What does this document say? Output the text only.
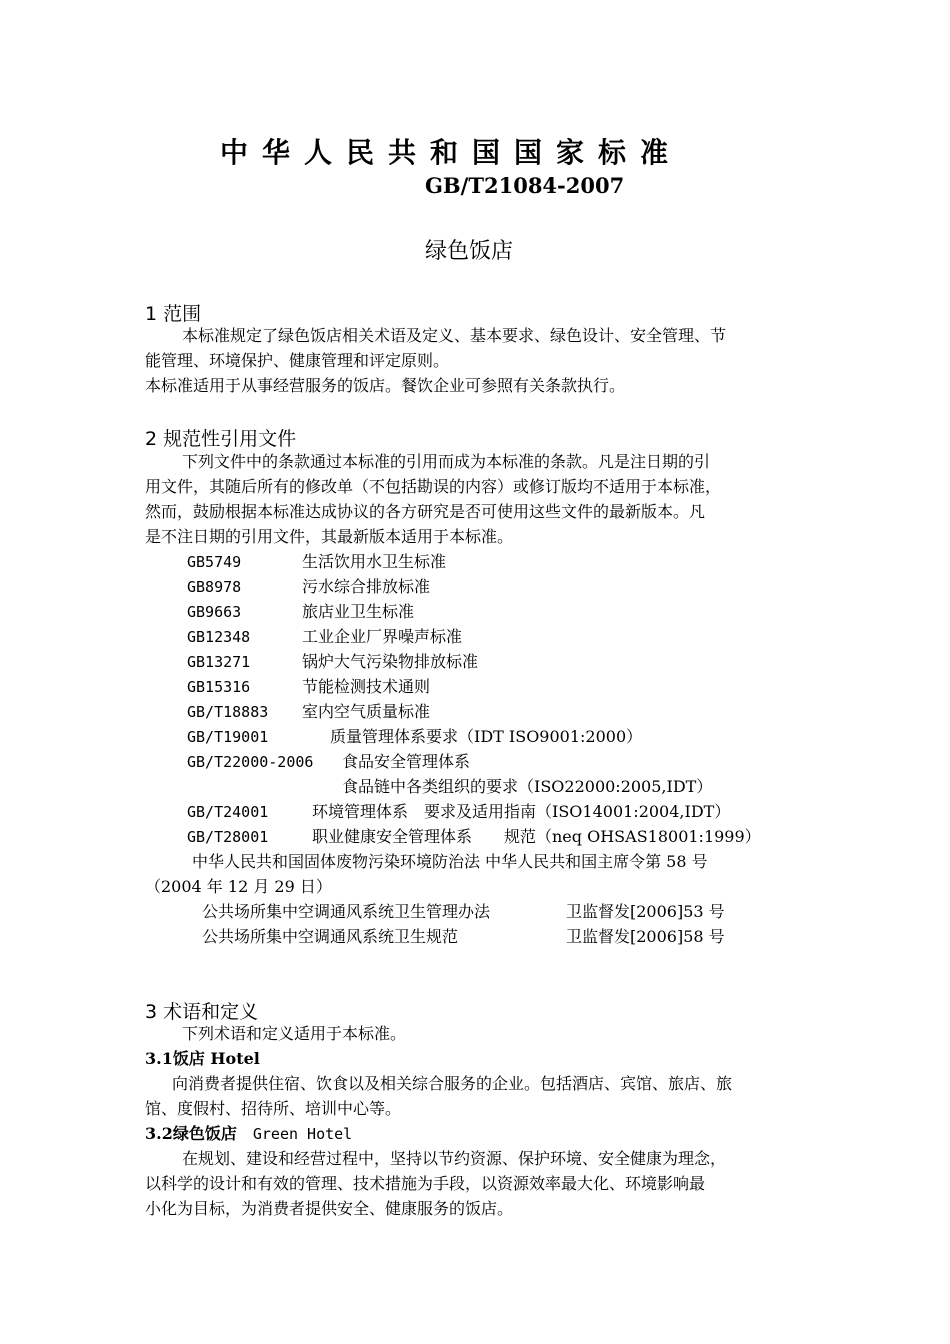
中华人民共和国国家标准
GB/T21084-2007
绿色饭店
1 范围
本标准规定了绿色饭店相关术语及定义、基本要求、绿色设计、安全管理、节
能管理、环境保护、健康管理和评定原则。
本标准适用于从事经营服务的饭店。餐饮企业可参照有关条款执行。
2 规范性引用文件
下列文件中的条款通过本标准的引用而成为本标准的条款。凡是注日期的引
用文件，其随后所有的修改单（不包括勘误的内容）或修订版均不适用于本标准，
然而，鼓励根据本标准达成协议的各方研究是否可使用这些文件的最新版本。凡
是不注日期的引用文件，其最新版本适用于本标准。
GB5749	生活饮用水卫生标准
GB8978	污水综合排放标准
GB9663	旅店业卫生标准
GB12348	工业企业厂界噪声标准
GB13271	锅炉大气污染物排放标准
GB15316	节能检测技术通则
GB/T18883 室内空气质量标准
GB/T19001	质量管理体系要求（IDT ISO9001:2000）
GB/T22000-2006 食品安全管理体系
食品链中各类组织的要求（ISO22000:2005,IDT）
GB/T24001	环境管理体系　要求及适用指南（ISO14001:2004,IDT）
GB/T28001	职业健康安全管理体系　　规范（neq OHSAS18001:1999）
中华人民共和国固体废物污染环境防治法 中华人民共和国主席令第 58 号
（2004 年 12 月 29 日）
公共场所集中空调通风系统卫生管理办法	卫监督发[2006]53 号
公共场所集中空调通风系统卫生规范	卫监督发[2006]58 号
3 术语和定义
下列术语和定义适用于本标准。
3.1饭店 Hotel
向消费者提供住宿、饮食以及相关综合服务的企业。包括酒店、宾馆、旅店、旅
馆、度假村、招待所、培训中心等。
3.2绿色饭店　 Green Hotel
在规划、建设和经营过程中，坚持以节约资源、保护环境、安全健康为理念，
以科学的设计和有效的管理、技术措施为手段，以资源效率最大化、环境影响最
小化为目标，为消费者提供安全、健康服务的饭店。
